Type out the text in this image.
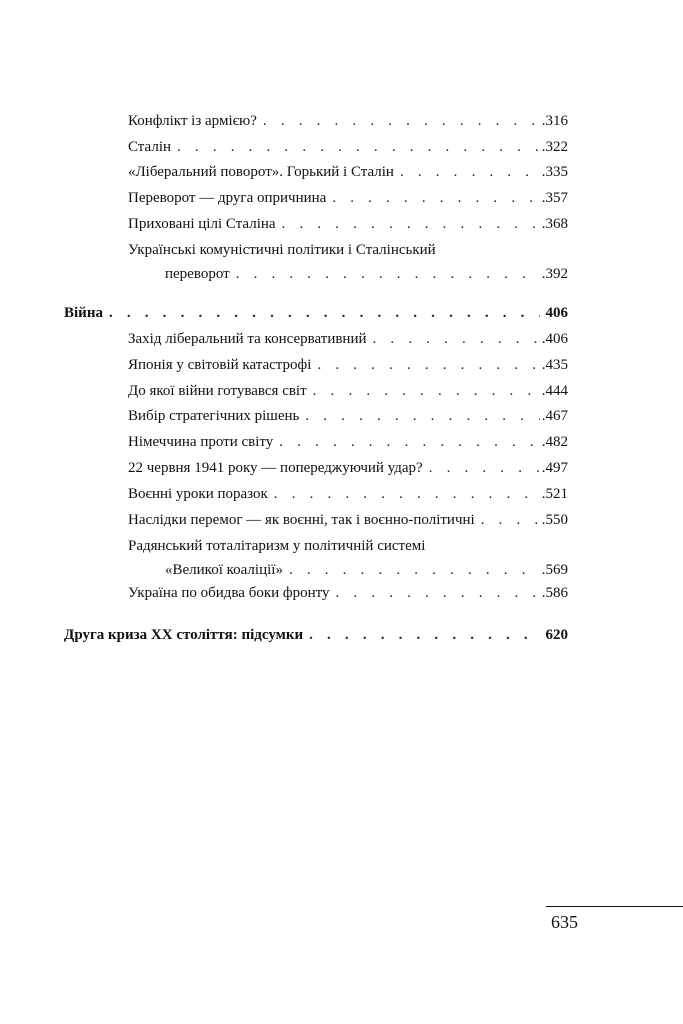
Конфлікт із армією? . . .	.316
Сталін . . .	.322
«Ліберальний поворот». Горький і Сталін . . .	.335
Переворот — друга опричнина . . .	.357
Приховані цілі Сталіна . . .	.368
Українські комуністичні політики і Сталінський
переворот . . .	.392
Війна . . .	406
Захід ліберальний та консервативний . . .	.406
Японія у світовій катастрофі . . .	.435
До якої війни готувався світ . . .	.444
Вибір стратегічних рішень . . .	.467
Німеччина проти світу . . .	.482
22 червня 1941 року — попереджуючий удар? . . .	.497
Воєнні уроки поразок . . .	.521
Наслідки перемог — як воєнні, так і воєнно-політичні . . .	.550
Радянський тоталітаризм у політичній системі
«Великої коаліції» . . .	.569
Україна по обидва боки фронту . . .	.586
Друга криза XX століття: підсумки . . .	620
635
